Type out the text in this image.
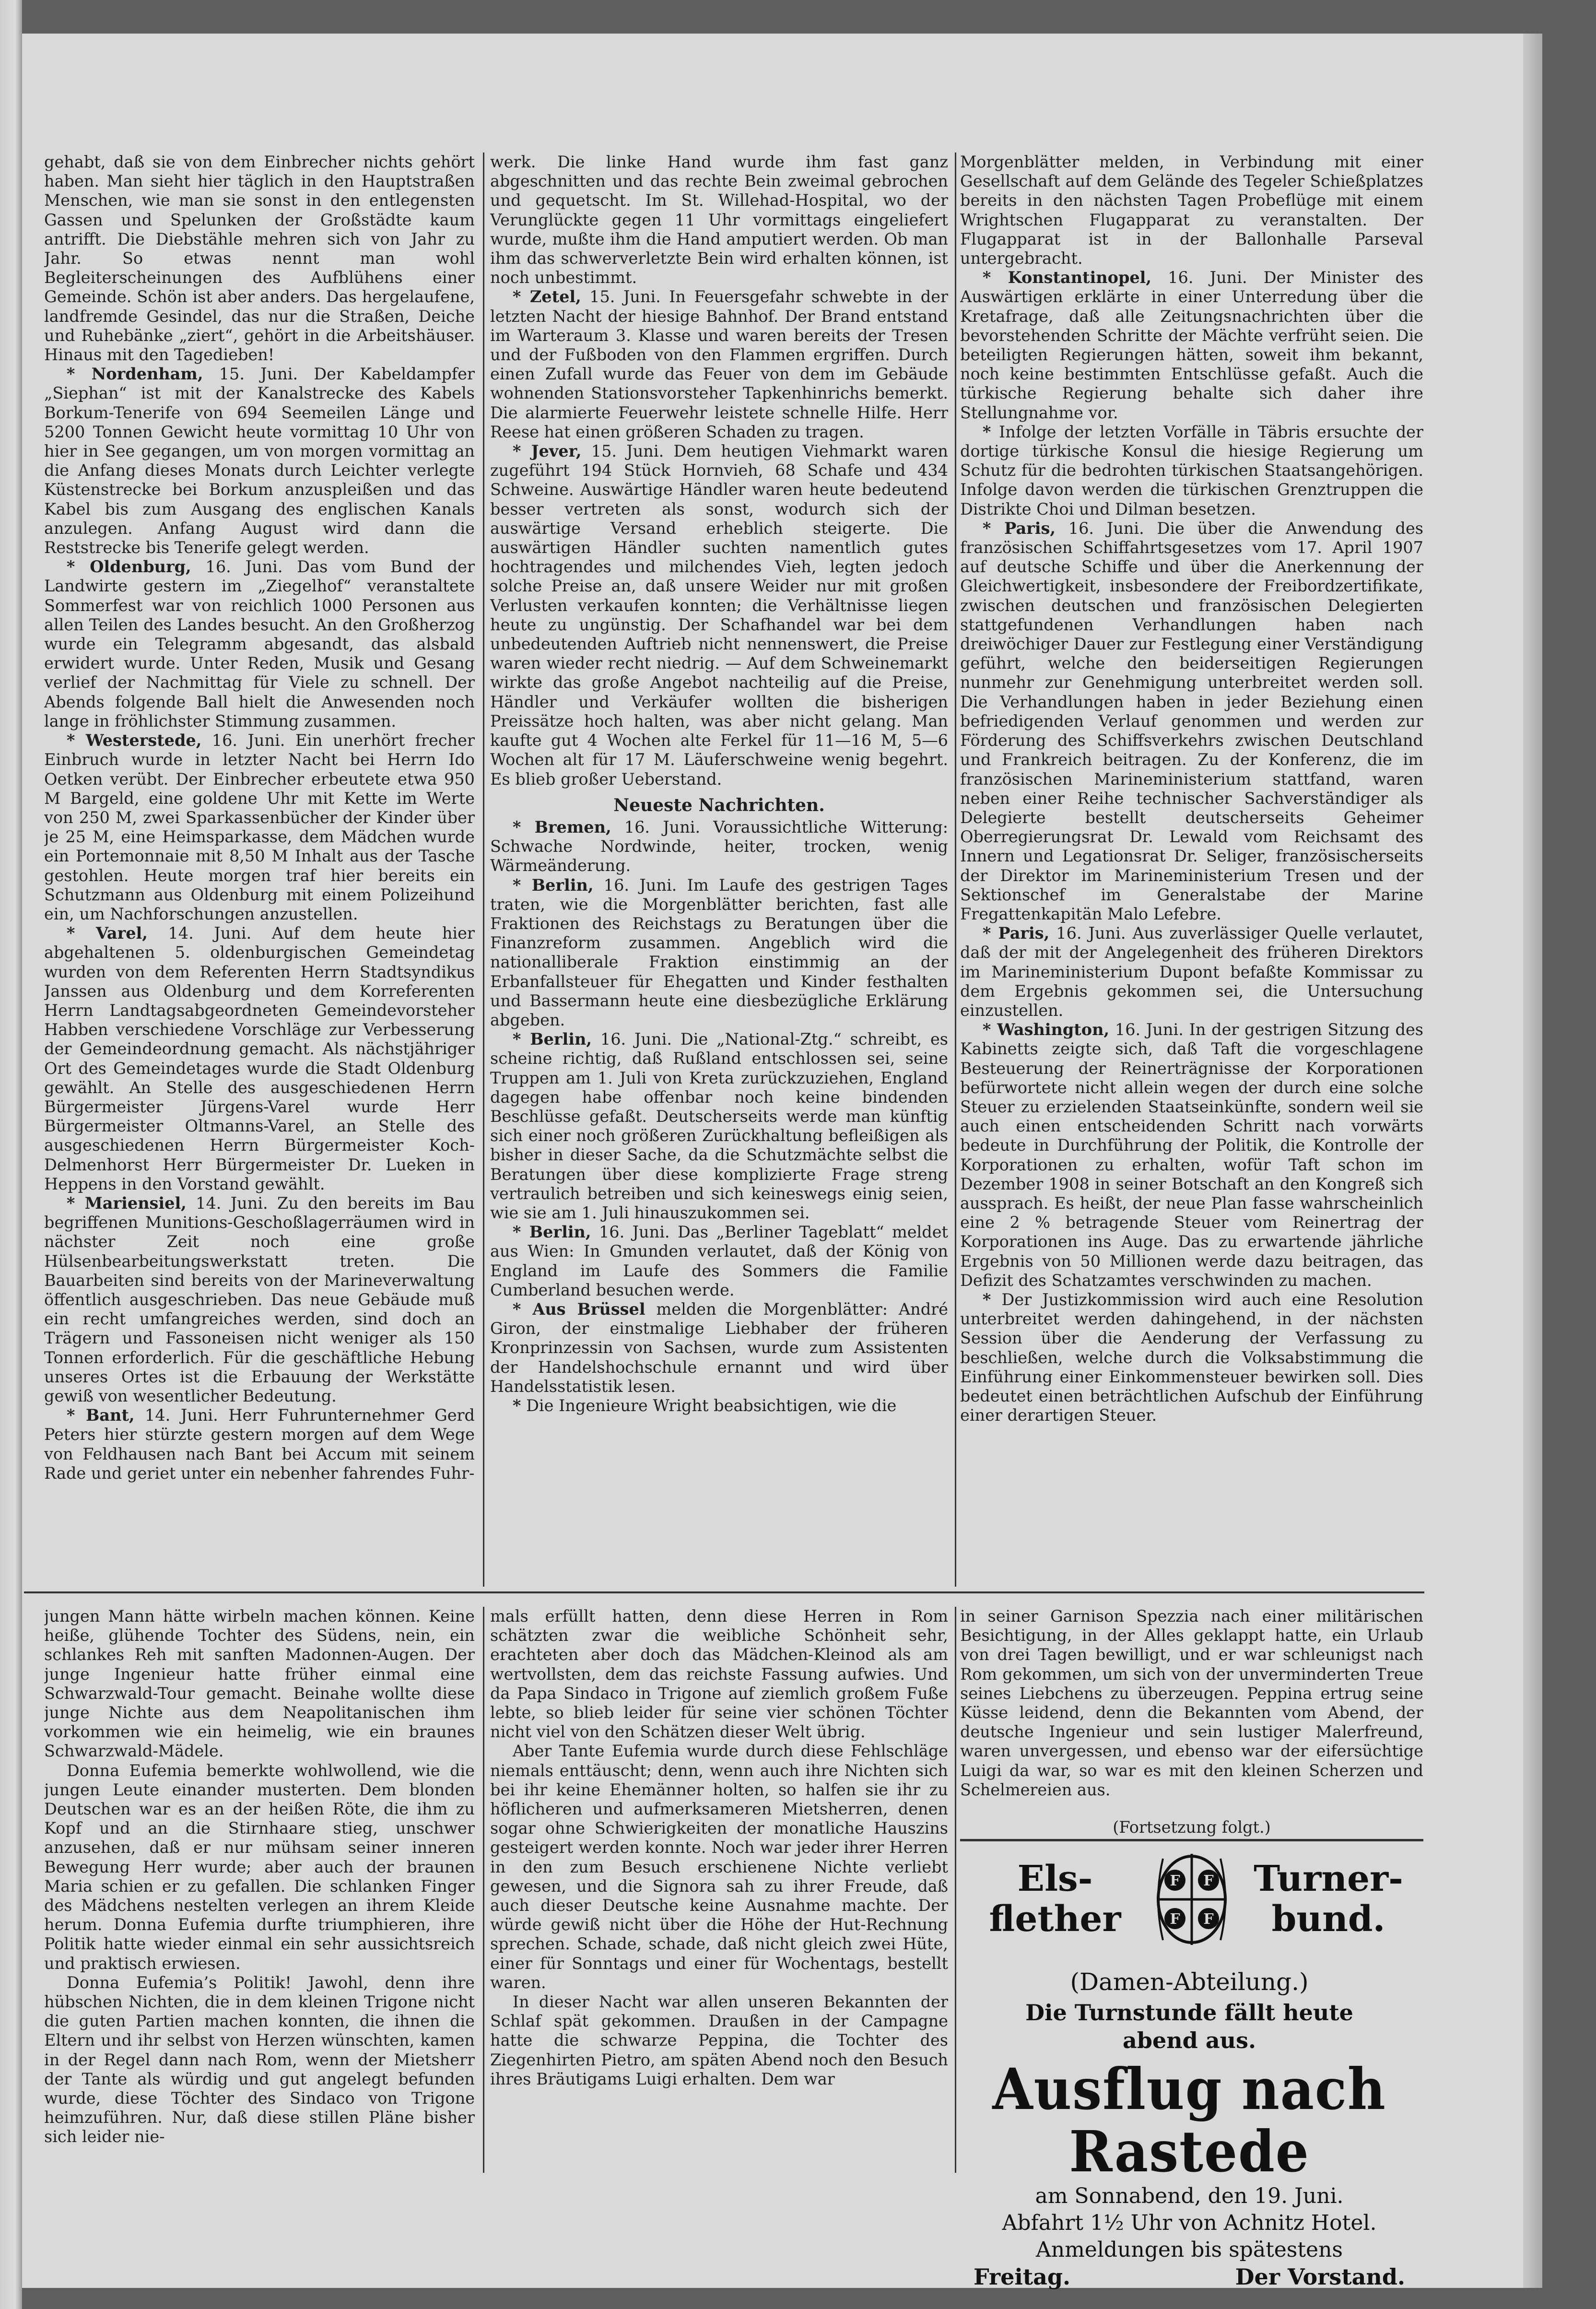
gehabt, daß sie von dem Einbrecher nichts gehört haben. Man sieht hier täglich in den Hauptstraßen Menschen, wie man sie sonst in den entlegensten Gassen und Spelunken der Großstädte kaum antrifft. Die Diebstähle mehren sich von Jahr zu Jahr. So etwas nennt man wohl Begleiterscheinungen des Aufblühens einer Gemeinde. Schön ist aber anders. Das hergelaufene, landfremde Gesindel, das nur die Straßen, Deiche und Ruhebänke „ziert“, gehört in die Arbeitshäuser. Hinaus mit den Tagedieben!

* Nordenham, 15. Juni. Der Kabeldampfer „Siephan“ ist mit der Kanalstrecke des Kabels Borkum-Tenerife von 694 Seemeilen Länge und 5200 Tonnen Gewicht heute vormittag 10 Uhr von hier in See gegangen, um von morgen vormittag an die Anfang dieses Monats durch Leichter verlegte Küstenstrecke bei Borkum anzuspleißen und das Kabel bis zum Ausgang des englischen Kanals anzulegen. Anfang August wird dann die Reststrecke bis Tenerife gelegt werden.

* Oldenburg, 16. Juni. Das vom Bund der Landwirte gestern im „Ziegelhof“ veranstaltete Sommerfest war von reichlich 1000 Personen aus allen Teilen des Landes besucht. An den Großherzog wurde ein Telegramm abgesandt, das alsbald erwidert wurde. Unter Reden, Musik und Gesang verlief der Nachmittag für Viele zu schnell. Der Abends folgende Ball hielt die Anwesenden noch lange in fröhlichster Stimmung zusammen.

* Westerstede, 16. Juni. Ein unerhört frecher Einbruch wurde in letzter Nacht bei Herrn Ido Oetken verübt. Der Einbrecher erbeutete etwa 950 M Bargeld, eine goldene Uhr mit Kette im Werte von 250 M, zwei Sparkassenbücher der Kinder über je 25 M, eine Heimsparkasse, dem Mädchen wurde ein Portemonnaie mit 8,50 M Inhalt aus der Tasche gestohlen. Heute morgen traf hier bereits ein Schutzmann aus Oldenburg mit einem Polizeihund ein, um Nachforschungen anzustellen.

* Varel, 14. Juni. Auf dem heute hier abgehaltenen 5. oldenburgischen Gemeindetag wurden von dem Referenten Herrn Stadtsyndikus Janssen aus Oldenburg und dem Korreferenten Herrn Landtagsabgeordneten Gemeindevorsteher Habben verschiedene Vorschläge zur Verbesserung der Gemeindeordnung gemacht. Als nächstjähriger Ort des Gemeindetages wurde die Stadt Oldenburg gewählt. An Stelle des ausgeschiedenen Herrn Bürgermeister Jürgens-Varel wurde Herr Bürgermeister Oltmanns-Varel, an Stelle des ausgeschiedenen Herrn Bürgermeister Koch-Delmenhorst Herr Bürgermeister Dr. Lueken in Heppens in den Vorstand gewählt.

* Mariensiel, 14. Juni. Zu den bereits im Bau begriffenen Munitions-Geschoßlagerräumen wird in nächster Zeit noch eine große Hülsenbearbeitungswerkstatt treten. Die Bauarbeiten sind bereits von der Marineverwaltung öffentlich ausgeschrieben. Das neue Gebäude muß ein recht umfangreiches werden, sind doch an Trägern und Fassoneisen nicht weniger als 150 Tonnen erforderlich. Für die geschäftliche Hebung unseres Ortes ist die Erbauung der Werkstätte gewiß von wesentlicher Bedeutung.

* Bant, 14. Juni. Herr Fuhrunternehmer Gerd Peters hier stürzte gestern morgen auf dem Wege von Feldhausen nach Bant bei Accum mit seinem Rade und geriet unter ein nebenher fahrendes Fuhr-

werk. Die linke Hand wurde ihm fast ganz abgeschnitten und das rechte Bein zweimal gebrochen und gequetscht. Im St. Willehad-Hospital, wo der Verunglückte gegen 11 Uhr vormittags eingeliefert wurde, mußte ihm die Hand amputiert werden. Ob man ihm das schwerverletzte Bein wird erhalten können, ist noch unbestimmt.

* Zetel, 15. Juni. In Feuersgefahr schwebte in der letzten Nacht der hiesige Bahnhof. Der Brand entstand im Warteraum 3. Klasse und waren bereits der Tresen und der Fußboden von den Flammen ergriffen. Durch einen Zufall wurde das Feuer von dem im Gebäude wohnenden Stationsvorsteher Tapkenhinrichs bemerkt. Die alarmierte Feuerwehr leistete schnelle Hilfe. Herr Reese hat einen größeren Schaden zu tragen.

* Jever, 15. Juni. Dem heutigen Viehmarkt waren zugeführt 194 Stück Hornvieh, 68 Schafe und 434 Schweine. Auswärtige Händler waren heute bedeutend besser vertreten als sonst, wodurch sich der auswärtige Versand erheblich steigerte. Die auswärtigen Händler suchten namentlich gutes hochtragendes und milchendes Vieh, legten jedoch solche Preise an, daß unsere Weider nur mit großen Verlusten verkaufen konnten; die Verhältnisse liegen heute zu ungünstig. Der Schafhandel war bei dem unbedeutenden Auftrieb nicht nennenswert, die Preise waren wieder recht niedrig. — Auf dem Schweinemarkt wirkte das große Angebot nachteilig auf die Preise, Händler und Verkäufer wollten die bisherigen Preissätze hoch halten, was aber nicht gelang. Man kaufte gut 4 Wochen alte Ferkel für 11—16 M, 5—6 Wochen alt für 17 M. Läuferschweine wenig begehrt. Es blieb großer Ueberstand.

Neueste Nachrichten.

* Bremen, 16. Juni. Voraussichtliche Witterung: Schwache Nordwinde, heiter, trocken, wenig Wärmeänderung.

* Berlin, 16. Juni. Im Laufe des gestrigen Tages traten, wie die Morgenblätter berichten, fast alle Fraktionen des Reichstags zu Beratungen über die Finanzreform zusammen. Angeblich wird die nationalliberale Fraktion einstimmig an der Erbanfallsteuer für Ehegatten und Kinder festhalten und Bassermann heute eine diesbezügliche Erklärung abgeben.

* Berlin, 16. Juni. Die „National-Ztg.“ schreibt, es scheine richtig, daß Rußland entschlossen sei, seine Truppen am 1. Juli von Kreta zurückzuziehen, England dagegen habe offenbar noch keine bindenden Beschlüsse gefaßt. Deutscherseits werde man künftig sich einer noch größeren Zurückhaltung befleißigen als bisher in dieser Sache, da die Schutzmächte selbst die Beratungen über diese komplizierte Frage streng vertraulich betreiben und sich keineswegs einig seien, wie sie am 1. Juli hinauszukommen sei.

* Berlin, 16. Juni. Das „Berliner Tageblatt“ meldet aus Wien: In Gmunden verlautet, daß der König von England im Laufe des Sommers die Familie Cumberland besuchen werde.

* Aus Brüssel melden die Morgenblätter: André Giron, der einstmalige Liebhaber der früheren Kronprinzessin von Sachsen, wurde zum Assistenten der Handelshochschule ernannt und wird über Handelsstatistik lesen.

* Die Ingenieure Wright beabsichtigen, wie die

Morgenblätter melden, in Verbindung mit einer Gesellschaft auf dem Gelände des Tegeler Schießplatzes bereits in den nächsten Tagen Probeflüge mit einem Wrightschen Flugapparat zu veranstalten. Der Flugapparat ist in der Ballonhalle Parseval untergebracht.

* Konstantinopel, 16. Juni. Der Minister des Auswärtigen erklärte in einer Unterredung über die Kretafrage, daß alle Zeitungsnachrichten über die bevorstehenden Schritte der Mächte verfrüht seien. Die beteiligten Regierungen hätten, soweit ihm bekannt, noch keine bestimmten Entschlüsse gefaßt. Auch die türkische Regierung behalte sich daher ihre Stellungnahme vor.

* Infolge der letzten Vorfälle in Täbris ersuchte der dortige türkische Konsul die hiesige Regierung um Schutz für die bedrohten türkischen Staatsangehörigen. Infolge davon werden die türkischen Grenztruppen die Distrikte Choi und Dilman besetzen.

* Paris, 16. Juni. Die über die Anwendung des französischen Schiffahrtsgesetzes vom 17. April 1907 auf deutsche Schiffe und über die Anerkennung der Gleichwertigkeit, insbesondere der Freibordzertifikate, zwischen deutschen und französischen Delegierten stattgefundenen Verhandlungen haben nach dreiwöchiger Dauer zur Festlegung einer Verständigung geführt, welche den beiderseitigen Regierungen nunmehr zur Genehmigung unterbreitet werden soll. Die Verhandlungen haben in jeder Beziehung einen befriedigenden Verlauf genommen und werden zur Förderung des Schiffsverkehrs zwischen Deutschland und Frankreich beitragen. Zu der Konferenz, die im französischen Marineministerium stattfand, waren neben einer Reihe technischer Sachverständiger als Delegierte bestellt deutscherseits Geheimer Oberregierungsrat Dr. Lewald vom Reichsamt des Innern und Legationsrat Dr. Seliger, französischerseits der Direktor im Marineministerium Tresen und der Sektionschef im Generalstabe der Marine Fregattenkapitän Malo Lefebre.

* Paris, 16. Juni. Aus zuverlässiger Quelle verlautet, daß der mit der Angelegenheit des früheren Direktors im Marineministerium Dupont befaßte Kommissar zu dem Ergebnis gekommen sei, die Untersuchung einzustellen.

* Washington, 16. Juni. In der gestrigen Sitzung des Kabinetts zeigte sich, daß Taft die vorgeschlagene Besteuerung der Reinerträgnisse der Korporationen befürwortete nicht allein wegen der durch eine solche Steuer zu erzielenden Staatseinkünfte, sondern weil sie auch einen entscheidenden Schritt nach vorwärts bedeute in Durchführung der Politik, die Kontrolle der Korporationen zu erhalten, wofür Taft schon im Dezember 1908 in seiner Botschaft an den Kongreß sich aussprach. Es heißt, der neue Plan fasse wahrscheinlich eine 2 % betragende Steuer vom Reinertrag der Korporationen ins Auge. Das zu erwartende jährliche Ergebnis von 50 Millionen werde dazu beitragen, das Defizit des Schatzamtes verschwinden zu machen.

* Der Justizkommission wird auch eine Resolution unterbreitet werden dahingehend, in der nächsten Session über die Aenderung der Verfassung zu beschließen, welche durch die Volksabstimmung die Einführung einer Einkommensteuer bewirken soll. Dies bedeutet einen beträchtlichen Aufschub der Einführung einer derartigen Steuer.

jungen Mann hätte wirbeln machen können. Keine heiße, glühende Tochter des Südens, nein, ein schlankes Reh mit sanften Madonnen-Augen. Der junge Ingenieur hatte früher einmal eine Schwarzwald-Tour gemacht. Beinahe wollte diese junge Nichte aus dem Neapolitanischen ihm vorkommen wie ein heimelig, wie ein braunes Schwarzwald-Mädele.

Donna Eufemia bemerkte wohlwollend, wie die jungen Leute einander musterten. Dem blonden Deutschen war es an der heißen Röte, die ihm zu Kopf und an die Stirnhaare stieg, unschwer anzusehen, daß er nur mühsam seiner inneren Bewegung Herr wurde; aber auch der braunen Maria schien er zu gefallen. Die schlanken Finger des Mädchens nestelten verlegen an ihrem Kleide herum. Donna Eufemia durfte triumphieren, ihre Politik hatte wieder einmal ein sehr aussichtsreich und praktisch erwiesen.

Donna Eufemia’s Politik! Jawohl, denn ihre hübschen Nichten, die in dem kleinen Trigone nicht die guten Partien machen konnten, die ihnen die Eltern und ihr selbst von Herzen wünschten, kamen in der Regel dann nach Rom, wenn der Mietsherr der Tante als würdig und gut angelegt befunden wurde, diese Töchter des Sindaco von Trigone heimzuführen. Nur, daß diese stillen Pläne bisher sich leider nie-

mals erfüllt hatten, denn diese Herren in Rom schätzten zwar die weibliche Schönheit sehr, erachteten aber doch das Mädchen-Kleinod als am wertvollsten, dem das reichste Fassung aufwies. Und da Papa Sindaco in Trigone auf ziemlich großem Fuße lebte, so blieb leider für seine vier schönen Töchter nicht viel von den Schätzen dieser Welt übrig.

Aber Tante Eufemia wurde durch diese Fehlschläge niemals enttäuscht; denn, wenn auch ihre Nichten sich bei ihr keine Ehemänner holten, so halfen sie ihr zu höflicheren und aufmerksameren Mietsherren, denen sogar ohne Schwierigkeiten der monatliche Hauszins gesteigert werden konnte. Noch war jeder ihrer Herren in den zum Besuch erschienene Nichte verliebt gewesen, und die Signora sah zu ihrer Freude, daß auch dieser Deutsche keine Ausnahme machte. Der würde gewiß nicht über die Höhe der Hut-Rechnung sprechen. Schade, schade, daß nicht gleich zwei Hüte, einer für Sonntags und einer für Wochentags, bestellt waren.

In dieser Nacht war allen unseren Bekannten der Schlaf spät gekommen. Draußen in der Campagne hatte die schwarze Peppina, die Tochter des Ziegenhirten Pietro, am späten Abend noch den Besuch ihres Bräutigams Luigi erhalten. Dem war

in seiner Garnison Spezzia nach einer militärischen Besichtigung, in der Alles geklappt hatte, ein Urlaub von drei Tagen bewilligt, und er war schleunigst nach Rom gekommen, um sich von der unverminderten Treue seines Liebchens zu überzeugen. Peppina ertrug seine Küsse leidend, denn die Bekannten vom Abend, der deutsche Ingenieur und sein lustiger Malerfreund, waren unvergessen, und ebenso war der eifersüchtige Luigi da war, so war es mit den kleinen Scherzen und Schelmereien aus.

(Fortsetzung folgt.)

Els-
flether
F F
F F
Turner-
bund.
(Damen-Abteilung.)
Die Turnstunde fällt heute
abend aus.
Ausflug nach Rastede
am Sonnabend, den 19. Juni.
Abfahrt 1½ Uhr von Achnitz Hotel.
Anmeldungen bis spätestens
Freitag.	Der Vorstand.
